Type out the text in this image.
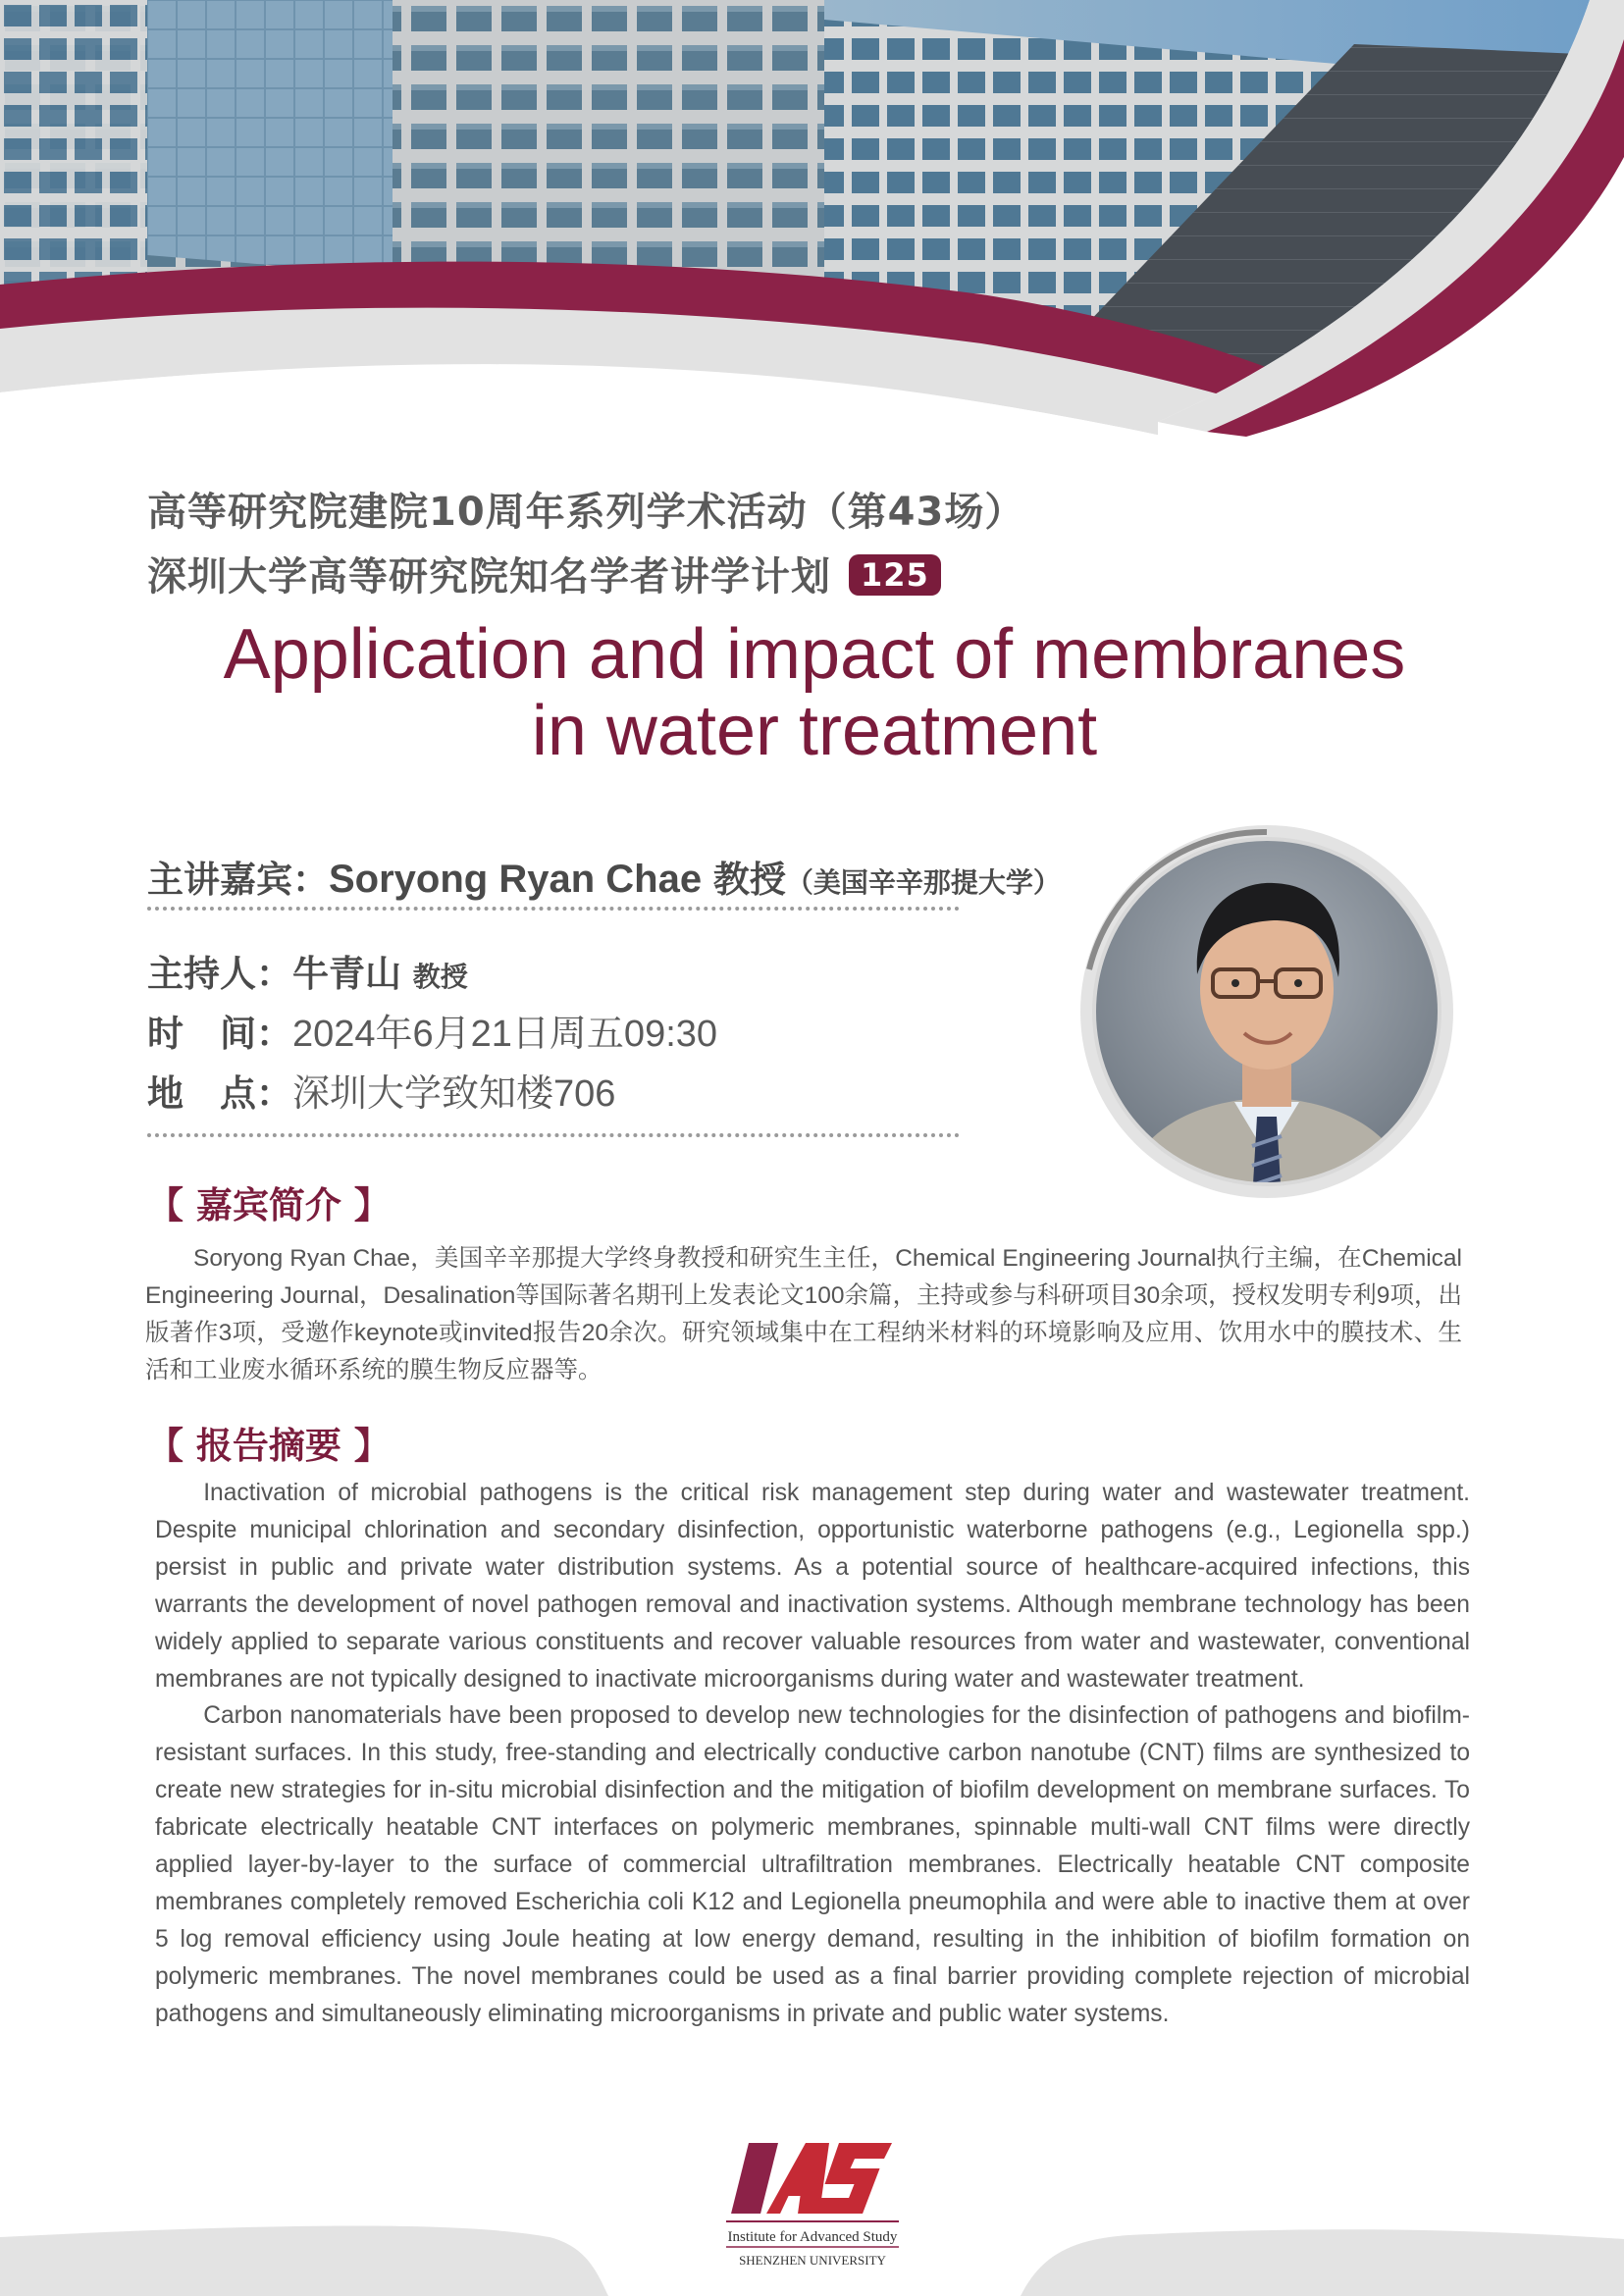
高等研究院建院10周年系列学术活动（第43场）
深圳大学高等研究院知名学者讲学计划 125
Application and impact of membranes
in water treatment
主讲嘉宾：Soryong Ryan Chae 教授（美国辛辛那提大学）
主持人：牛青山 教授
时　间：2024年6月21日周五09:30
地　点：深圳大学致知楼706
【 嘉宾简介 】
Soryong Ryan Chae，美国辛辛那提大学终身教授和研究生主任，Chemical Engineering Journal执行主编，在Chemical Engineering Journal，Desalination等国际著名期刊上发表论文100余篇，主持或参与科研项目30余项，授权发明专利9项，出版著作3项，受邀作keynote或invited报告20余次。研究领域集中在工程纳米材料的环境影响及应用、饮用水中的膜技术、生活和工业废水循环系统的膜生物反应器等。
【 报告摘要 】

Inactivation of microbial pathogens is the critical risk management step during water and wastewater treatment. Despite municipal chlorination and secondary disinfection, opportunistic waterborne pathogens (e.g., Legionella spp.) persist in public and private water distribution systems. As a potential source of healthcare-acquired infections, this warrants the development of novel pathogen removal and inactivation systems. Although membrane technology has been widely applied to separate various constituents and recover valuable resources from water and wastewater, conventional membranes are not typically designed to inactivate microorganisms during water and wastewater treatment.

Carbon nanomaterials have been proposed to develop new technologies for the disinfection of pathogens and biofilm-resistant surfaces. In this study, free-standing and electrically conductive carbon nanotube (CNT) films are synthesized to create new strategies for in-situ microbial disinfection and the mitigation of biofilm development on membrane surfaces. To fabricate electrically heatable CNT interfaces on polymeric membranes, spinnable multi-wall CNT films were directly applied layer-by-layer to the surface of commercial ultrafiltration membranes. Electrically heatable CNT composite membranes completely removed Escherichia coli K12 and Legionella pneumophila and were able to inactive them at over 5 log removal efficiency using Joule heating at low energy demand, resulting in the inhibition of biofilm formation on polymeric membranes. The novel membranes could be used as a final barrier providing complete rejection of microbial pathogens and simultaneously eliminating microorganisms in private and public water systems.

Institute for Advanced Study
SHENZHEN UNIVERSITY
